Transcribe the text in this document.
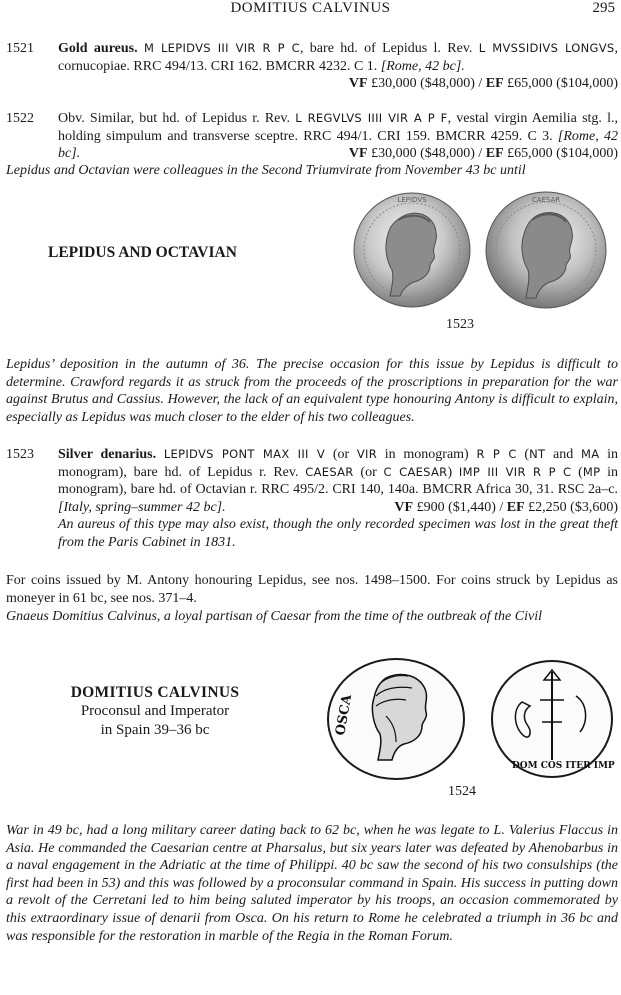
DOMITIUS CALVINUS	295
1521 Gold aureus. M LEPIDVS III VIR R P C, bare hd. of Lepidus l. Rev. L MVSSIDIVS LONGVS, cornucopiae. RRC 494/13. CRI 162. BMCRR 4232. C 1. [Rome, 42 bc].
VF £30,000 ($48,000) / EF £65,000 ($104,000)
1522 Obv. Similar, but hd. of Lepidus r. Rev. L REGVLVS IIII VIR A P F, vestal virgin Aemilia stg. l., holding simpulum and transverse sceptre. RRC 494/1. CRI 159. BMCRR 4259. C 3. [Rome, 42 bc].	VF £30,000 ($48,000) / EF £65,000 ($104,000)
Lepidus and Octavian were colleagues in the Second Triumvirate from November 43 bc until
LEPIDUS AND OCTAVIAN
LEPIDVS	CAESAR
1523
Lepidus’ deposition in the autumn of 36. The precise occasion for this issue by Lepidus is difficult to determine. Crawford regards it as struck from the proceeds of the proscriptions in preparation for the war against Brutus and Cassius. However, the lack of an equivalent type honouring Antony is difficult to explain, especially as Lepidus was much closer to the elder of his two colleagues.
1523 Silver denarius. LEPIDVS PONT MAX III V (or VIR in monogram) R P C (NT and MA in monogram), bare hd. of Lepidus r. Rev. CAESAR (or C CAESAR) IMP III VIR R P C (MP in monogram), bare hd. of Octavian r. RRC 495/2. CRI 140, 140a. BMCRR Africa 30, 31. RSC 2a–c. [Italy, spring–summer 42 bc].	VF £900 ($1,440) / EF £2,250 ($3,600)
An aureus of this type may also exist, though the only recorded specimen was lost in the great theft from the Paris Cabinet in 1831.
For coins issued by M. Antony honouring Lepidus, see nos. 1498–1500. For coins struck by Lepidus as moneyer in 61 bc, see nos. 371–4.
Gnaeus Domitius Calvinus, a loyal partisan of Caesar from the time of the outbreak of the Civil
DOMITIUS CALVINUS
Proconsul and Imperator
in Spain 39–36 bc	OSCA
DOM COS ITER IMP
1524
War in 49 bc, had a long military career dating back to 62 bc, when he was legate to L. Valerius Flaccus in Asia. He commanded the Caesarian centre at Pharsalus, but six years later was defeated by Ahenobarbus in a naval engagement in the Adriatic at the time of Philippi. 40 bc saw the second of his two consulships (the first had been in 53) and this was followed by a proconsular command in Spain. His success in putting down a revolt of the Cerretani led to him being saluted imperator by his troops, an occasion commemorated by this extraordinary issue of denarii from Osca. On his return to Rome he celebrated a triumph in 36 bc and was responsible for the restoration in marble of the Regia in the Roman Forum.
